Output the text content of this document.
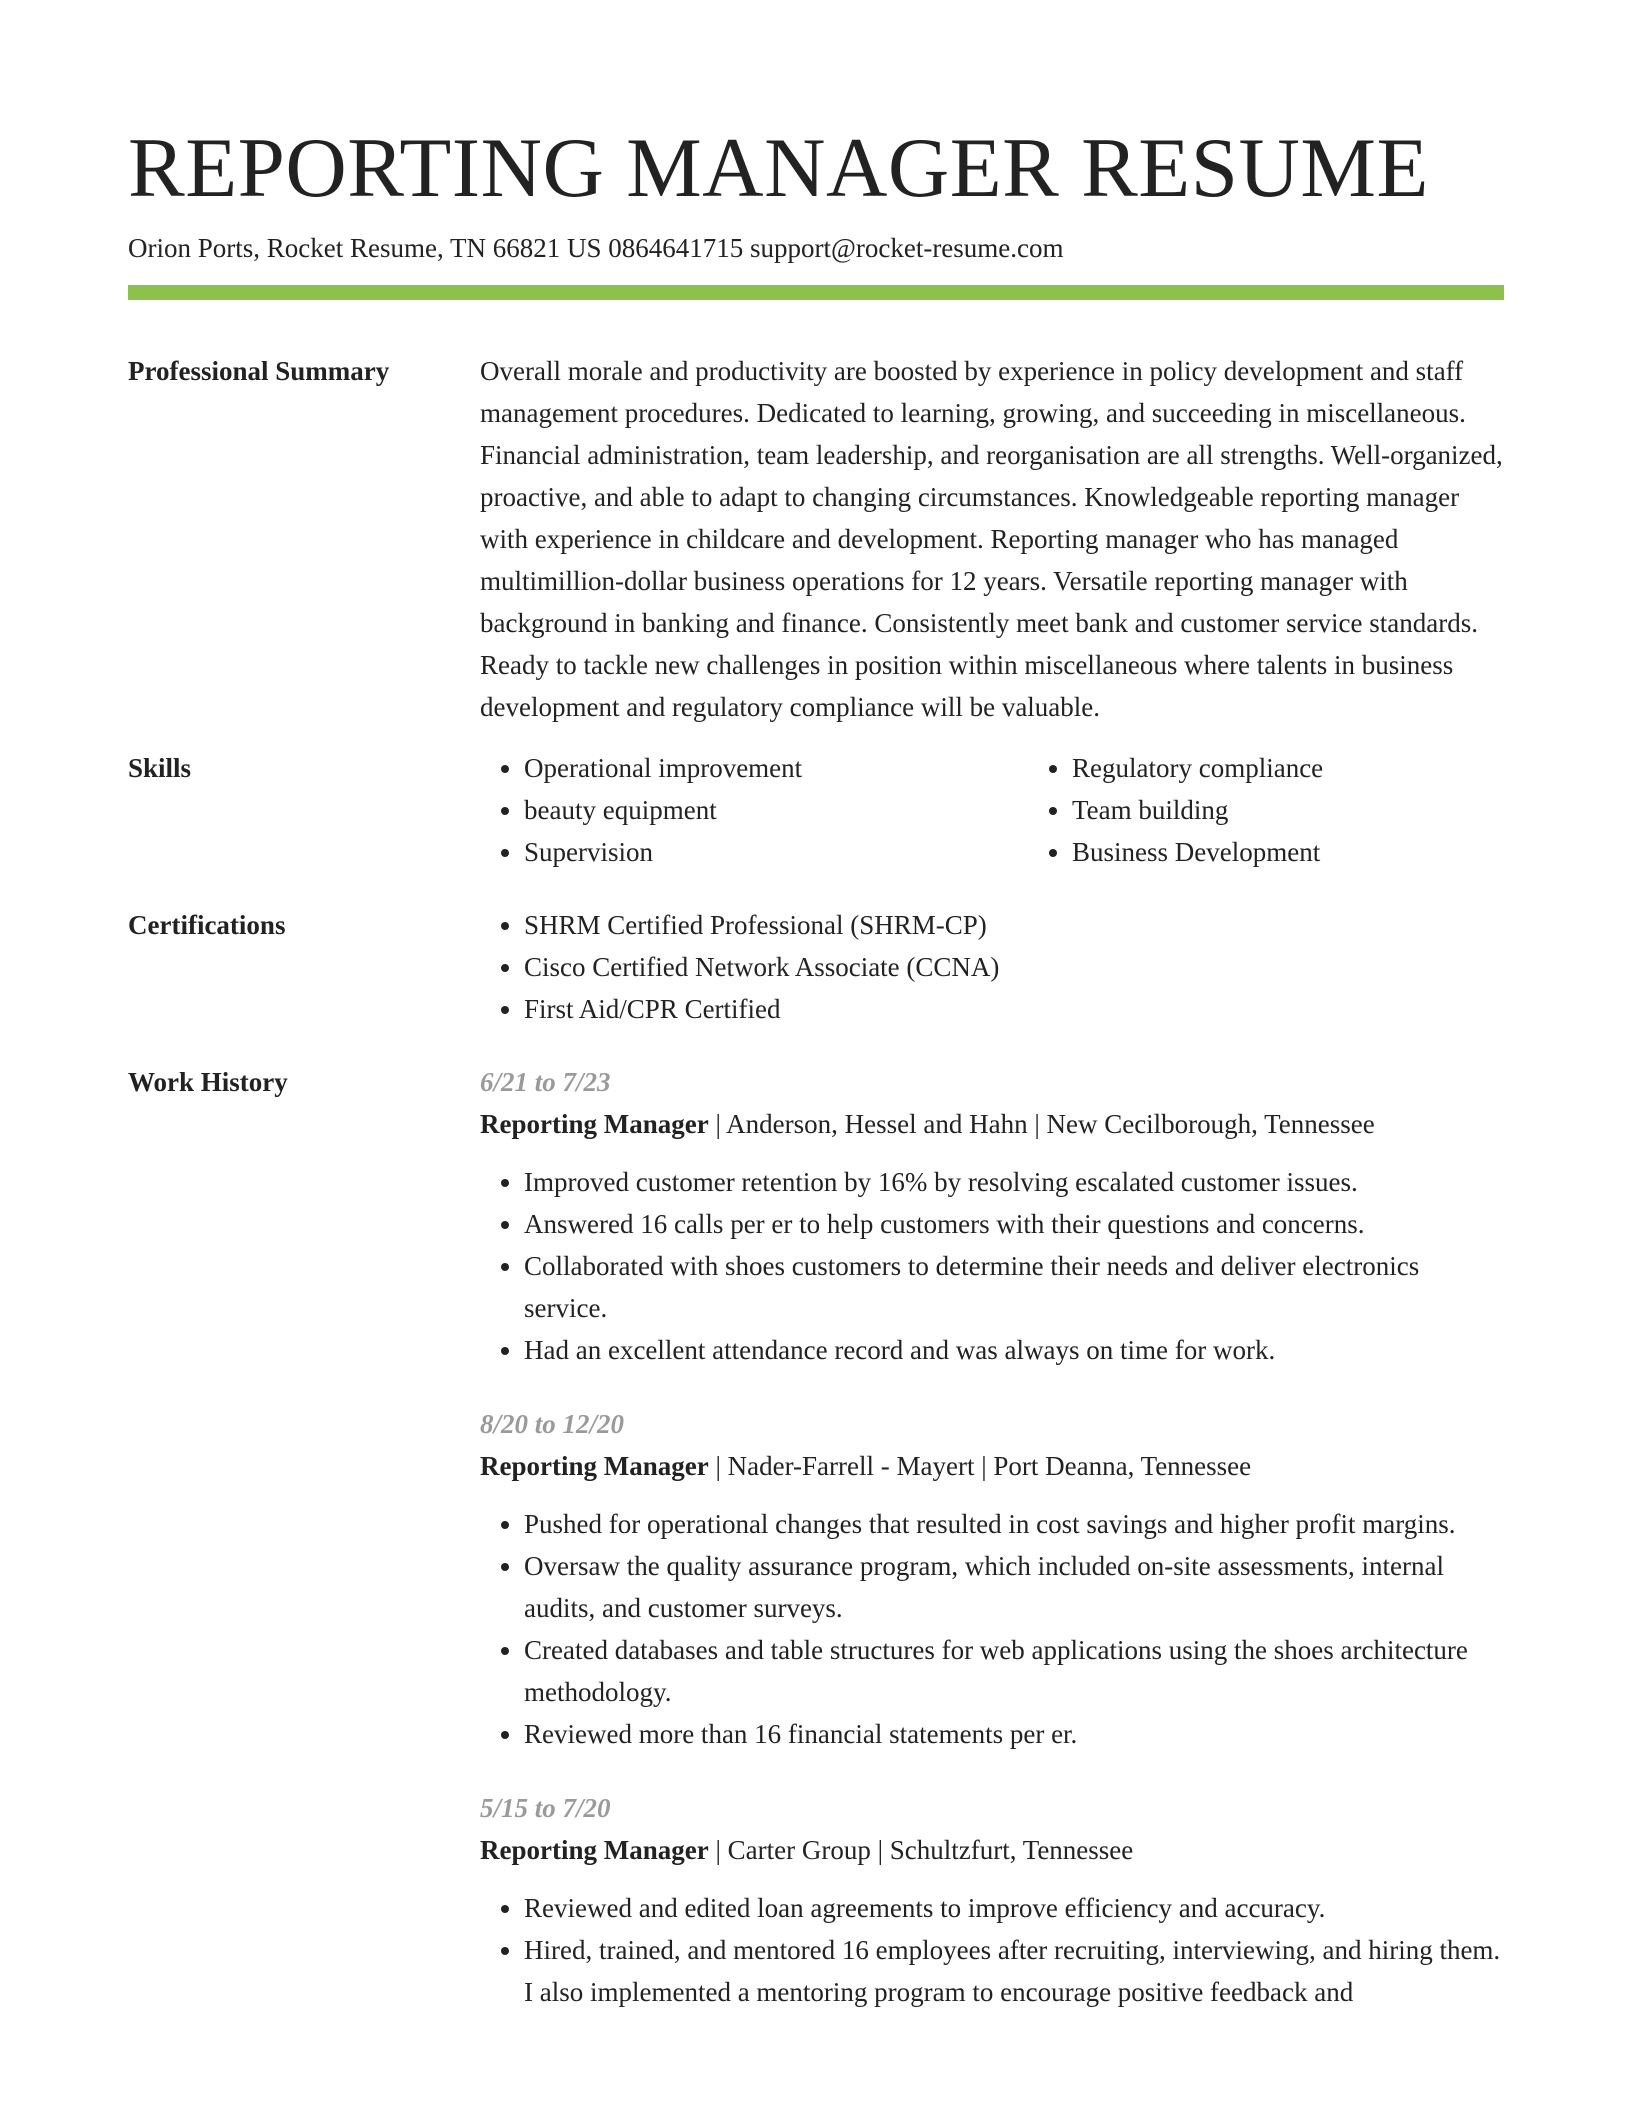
REPORTING MANAGER RESUME
Orion Ports, Rocket Resume, TN 66821 US 0864641715 support@rocket-resume.com
Professional Summary	Overall morale and productivity are boosted by experience in policy development and staff management procedures. Dedicated to learning, growing, and succeeding in miscellaneous. Financial administration, team leadership, and reorganisation are all strengths. Well-organized, proactive, and able to adapt to changing circumstances. Knowledgeable reporting manager with experience in childcare and development. Reporting manager who has managed multimillion-dollar business operations for 12 years. Versatile reporting manager with background in banking and finance. Consistently meet bank and customer service standards. Ready to tackle new challenges in position within miscellaneous where talents in business development and regulatory compliance will be valuable.

Skills	• Operational improvement
• beauty equipment
• Supervision
• Regulatory compliance
• Team building
• Business Development
Certifications	• SHRM Certified Professional (SHRM-CP)
• Cisco Certified Network Associate (CCNA)
• First Aid/CPR Certified
Work History	6/21 to 7/23
Reporting Manager | Anderson, Hessel and Hahn | New Cecilborough, Tennessee
• Improved customer retention by 16% by resolving escalated customer issues.
• Answered 16 calls per er to help customers with their questions and concerns.
• Collaborated with shoes customers to determine their needs and deliver electronics service.
• Had an excellent attendance record and was always on time for work.
8/20 to 12/20
Reporting Manager | Nader-Farrell - Mayert | Port Deanna, Tennessee
• Pushed for operational changes that resulted in cost savings and higher profit margins.
• Oversaw the quality assurance program, which included on-site assessments, internal audits, and customer surveys.
• Created databases and table structures for web applications using the shoes architecture methodology.
• Reviewed more than 16 financial statements per er.
5/15 to 7/20
Reporting Manager | Carter Group | Schultzfurt, Tennessee
• Reviewed and edited loan agreements to improve efficiency and accuracy.
• Hired, trained, and mentored 16 employees after recruiting, interviewing, and hiring them. I also implemented a mentoring program to encourage positive feedback and
